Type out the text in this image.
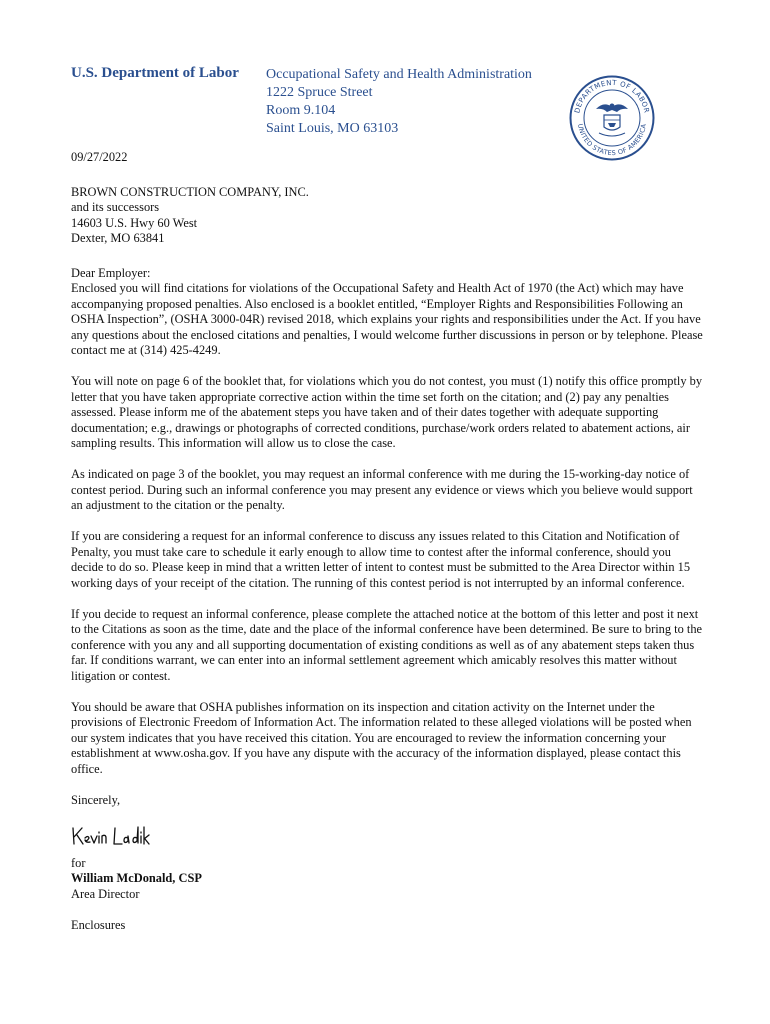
U.S. Department of Labor Occupational Safety and Health Administration
1222 Spruce Street
Room 9.104
Saint Louis, MO 63103
DEPARTMENT OF LABOR
UNITED STATES OF AMERICA

09/27/2022

BROWN CONSTRUCTION COMPANY, INC.

and its successors

14603 U.S. Hwy 60 West

Dexter, MO 63841

Dear Employer:

Enclosed you will find citations for violations of the Occupational Safety and Health Act of 1970 (the Act) which may have accompanying proposed penalties. Also enclosed is a booklet entitled, “Employer Rights and Responsibilities Following an OSHA Inspection”, (OSHA 3000-04R) revised 2018, which explains your rights and responsibilities under the Act. If you have any questions about the enclosed citations and penalties, I would welcome further discussions in person or by telephone. Please contact me at (314) 425-4249.

You will note on page 6 of the booklet that, for violations which you do not contest, you must (1) notify this office promptly by letter that you have taken appropriate corrective action within the time set forth on the citation; and (2) pay any penalties assessed. Please inform me of the abatement steps you have taken and of their dates together with adequate supporting documentation; e.g., drawings or photographs of corrected conditions, purchase/work orders related to abatement actions, air sampling results. This information will allow us to close the case.

As indicated on page 3 of the booklet, you may request an informal conference with me during the 15-working-day notice of contest period. During such an informal conference you may present any evidence or views which you believe would support an adjustment to the citation or the penalty.

If you are considering a request for an informal conference to discuss any issues related to this Citation and Notification of Penalty, you must take care to schedule it early enough to allow time to contest after the informal conference, should you decide to do so. Please keep in mind that a written letter of intent to contest must be submitted to the Area Director within 15 working days of your receipt of the citation. The running of this contest period is not interrupted by an informal conference.

If you decide to request an informal conference, please complete the attached notice at the bottom of this letter and post it next to the Citations as soon as the time, date and the place of the informal conference have been determined. Be sure to bring to the conference with you any and all supporting documentation of existing conditions as well as of any abatement steps taken thus far. If conditions warrant, we can enter into an informal settlement agreement which amicably resolves this matter without litigation or contest.

You should be aware that OSHA publishes information on its inspection and citation activity on the Internet under the provisions of Electronic Freedom of Information Act. The information related to these alleged violations will be posted when our system indicates that you have received this citation. You are encouraged to review the information concerning your establishment at www.osha.gov. If you have any dispute with the accuracy of the information displayed, please contact this office.

Sincerely,

for

William McDonald, CSP

Area Director

Enclosures
